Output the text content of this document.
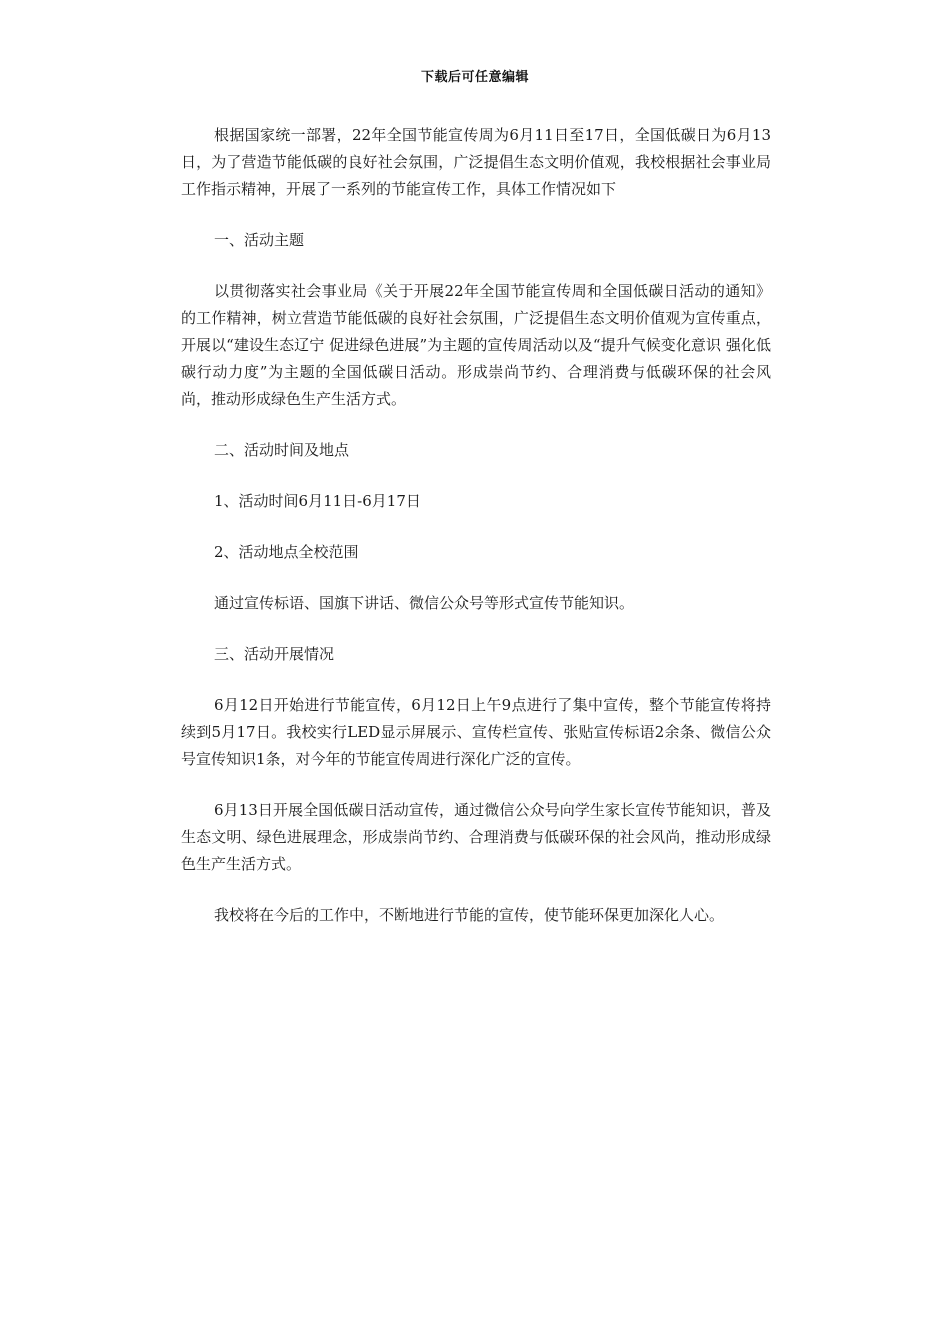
下载后可任意编辑

根据国家统一部署，22年全国节能宣传周为6月11日至17日，全国低碳日为6月13日，为了营造节能低碳的良好社会氛围，广泛提倡生态文明价值观，我校根据社会事业局工作指示精神，开展了一系列的节能宣传工作，具体工作情况如下

一、活动主题

以贯彻落实社会事业局《关于开展22年全国节能宣传周和全国低碳日活动的通知》的工作精神，树立营造节能低碳的良好社会氛围，广泛提倡生态文明价值观为宣传重点，开展以“建设生态辽宁 促进绿色进展”为主题的宣传周活动以及“提升气候变化意识 强化低碳行动力度”为主题的全国低碳日活动。形成崇尚节约、合理消费与低碳环保的社会风尚，推动形成绿色生产生活方式。

二、活动时间及地点

1、活动时间6月11日-6月17日

2、活动地点全校范围

通过宣传标语、国旗下讲话、微信公众号等形式宣传节能知识。

三、活动开展情况

6月12日开始进行节能宣传，6月12日上午9点进行了集中宣传，整个节能宣传将持续到5月17日。我校实行LED显示屏展示、宣传栏宣传、张贴宣传标语2余条、微信公众号宣传知识1条，对今年的节能宣传周进行深化广泛的宣传。

6月13日开展全国低碳日活动宣传，通过微信公众号向学生家长宣传节能知识，普及生态文明、绿色进展理念，形成崇尚节约、合理消费与低碳环保的社会风尚，推动形成绿色生产生活方式。

我校将在今后的工作中，不断地进行节能的宣传，使节能环保更加深化人心。
